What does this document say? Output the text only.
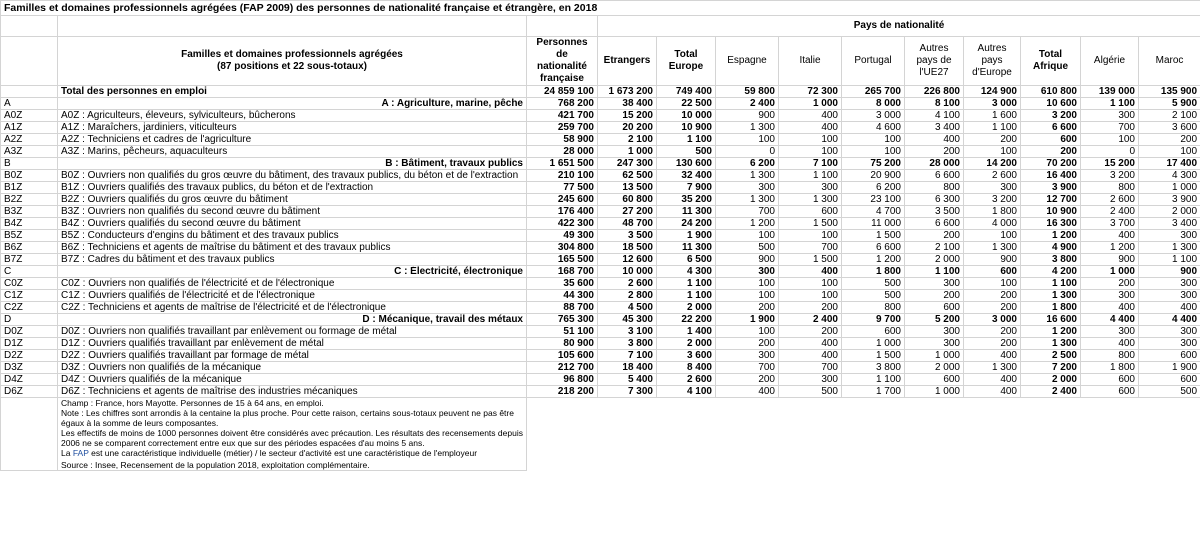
Familles et domaines professionnels agrégées (FAP 2009) des personnes de nationalité française et étrangère, en 2018												
			Pays de nationalité									

	Familles et domaines professionnels agrégées
(87 positions et 22 sous-totaux)	Personnes de nationalité française	Etrangers	Total Europe	Espagne	Italie	Portugal	Autres pays de l'UE27	Autres pays d'Europe	Total Afrique	Algérie	Maroc
	Total des personnes en emploi	24 859 100	1 673 200	749 400	59 800	72 300	265 700	226 800	124 900	610 800	139 000	135 900
A	A : Agriculture, marine, pêche	768 200	38 400	22 500	2 400	1 000	8 000	8 100	3 000	10 600	1 100	5 900
A0Z	A0Z : Agriculteurs, éleveurs, sylviculteurs, bûcherons	421 700	15 200	10 000	900	400	3 000	4 100	1 600	3 200	300	2 100
A1Z	A1Z : Maraîchers, jardiniers, viticulteurs	259 700	20 200	10 900	1 300	400	4 600	3 400	1 100	6 600	700	3 600
A2Z	A2Z : Techniciens et cadres de l'agriculture	58 900	2 100	1 100	100	100	100	400	200	600	100	200
A3Z	A3Z : Marins, pêcheurs, aquaculteurs	28 000	1 000	500	0	100	100	200	100	200	0	100
B	B : Bâtiment, travaux publics	1 651 500	247 300	130 600	6 200	7 100	75 200	28 000	14 200	70 200	15 200	17 400
B0Z	B0Z : Ouvriers non qualifiés du gros œuvre du bâtiment, des travaux publics, du béton et de l'extraction	210 100	62 500	32 400	1 300	1 100	20 900	6 600	2 600	16 400	3 200	4 300
B1Z	B1Z : Ouvriers qualifiés des travaux publics, du béton et de l'extraction	77 500	13 500	7 900	300	300	6 200	800	300	3 900	800	1 000
B2Z	B2Z : Ouvriers qualifiés du gros œuvre du bâtiment	245 600	60 800	35 200	1 300	1 300	23 100	6 300	3 200	12 700	2 600	3 900
B3Z	B3Z : Ouvriers non qualifiés du second œuvre du bâtiment	176 400	27 200	11 300	700	600	4 700	3 500	1 800	10 900	2 400	2 000
B4Z	B4Z : Ouvriers qualifiés du second œuvre du bâtiment	422 300	48 700	24 200	1 200	1 500	11 000	6 600	4 000	16 300	3 700	3 400
B5Z	B5Z : Conducteurs d'engins du bâtiment et des travaux publics	49 300	3 500	1 900	100	100	1 500	200	100	1 200	400	300
B6Z	B6Z : Techniciens et agents de maîtrise du bâtiment et des travaux publics	304 800	18 500	11 300	500	700	6 600	2 100	1 300	4 900	1 200	1 300
B7Z	B7Z : Cadres du bâtiment et des travaux publics	165 500	12 600	6 500	900	1 500	1 200	2 000	900	3 800	900	1 100
C	C : Électricité, électronique	168 700	10 000	4 300	300	400	1 800	1 100	600	4 200	1 000	900
C0Z	C0Z : Ouvriers non qualifiés de l'électricité et de l'électronique	35 600	2 600	1 100	100	100	500	300	100	1 100	200	300
C1Z	C1Z : Ouvriers qualifiés de l'électricité et de l'électronique	44 300	2 800	1 100	100	100	500	200	200	1 300	300	300
C2Z	C2Z : Techniciens et agents de maîtrise de l'électricité et de l'électronique	88 700	4 500	2 000	200	200	800	600	200	1 800	400	400
D	D : Mécanique, travail des métaux	765 300	45 300	22 200	1 900	2 400	9 700	5 200	3 000	16 600	4 400	4 400
D0Z	D0Z : Ouvriers non qualifiés travaillant par enlèvement ou formage de métal	51 100	3 100	1 400	100	200	600	300	200	1 200	300	300
D1Z	D1Z : Ouvriers qualifiés travaillant par enlèvement de métal	80 900	3 800	2 000	200	400	1 000	300	200	1 300	400	300
D2Z	D2Z : Ouvriers qualifiés travaillant par formage de métal	105 600	7 100	3 600	300	400	1 500	1 000	400	2 500	800	600
D3Z	D3Z : Ouvriers non qualifiés de la mécanique	212 700	18 400	8 400	700	700	3 800	2 000	1 300	7 200	1 800	1 900
D4Z	D4Z : Ouvriers qualifiés de la mécanique	96 800	5 400	2 600	200	300	1 100	600	400	2 000	600	600
D6Z	D6Z : Techniciens et agents de maîtrise des industries mécaniques	218 200	7 300	4 100	400	500	1 700	1 000	400	2 400	600	500

	Champ : France, hors Mayotte. Personnes de 15 à 64 ans, en emploi.
Note : Les chiffres sont arrondis à la centaine la plus proche. Pour cette raison, certains sous-totaux peuvent ne pas être égaux à la somme de leurs composantes.
Les effectifs de moins de 1000 personnes doivent être considérés avec précaution. Les résultats des recensements depuis 2006 ne se comparent correctement entre eux que sur des périodes espacées d'au moins 5 ans.
La FAP est une caractéristique individuelle (métier) / le secteur d'activité est une caractéristique de l'employeur
Source : Insee, Recensement de la population 2018, exploitation complémentaire.											
